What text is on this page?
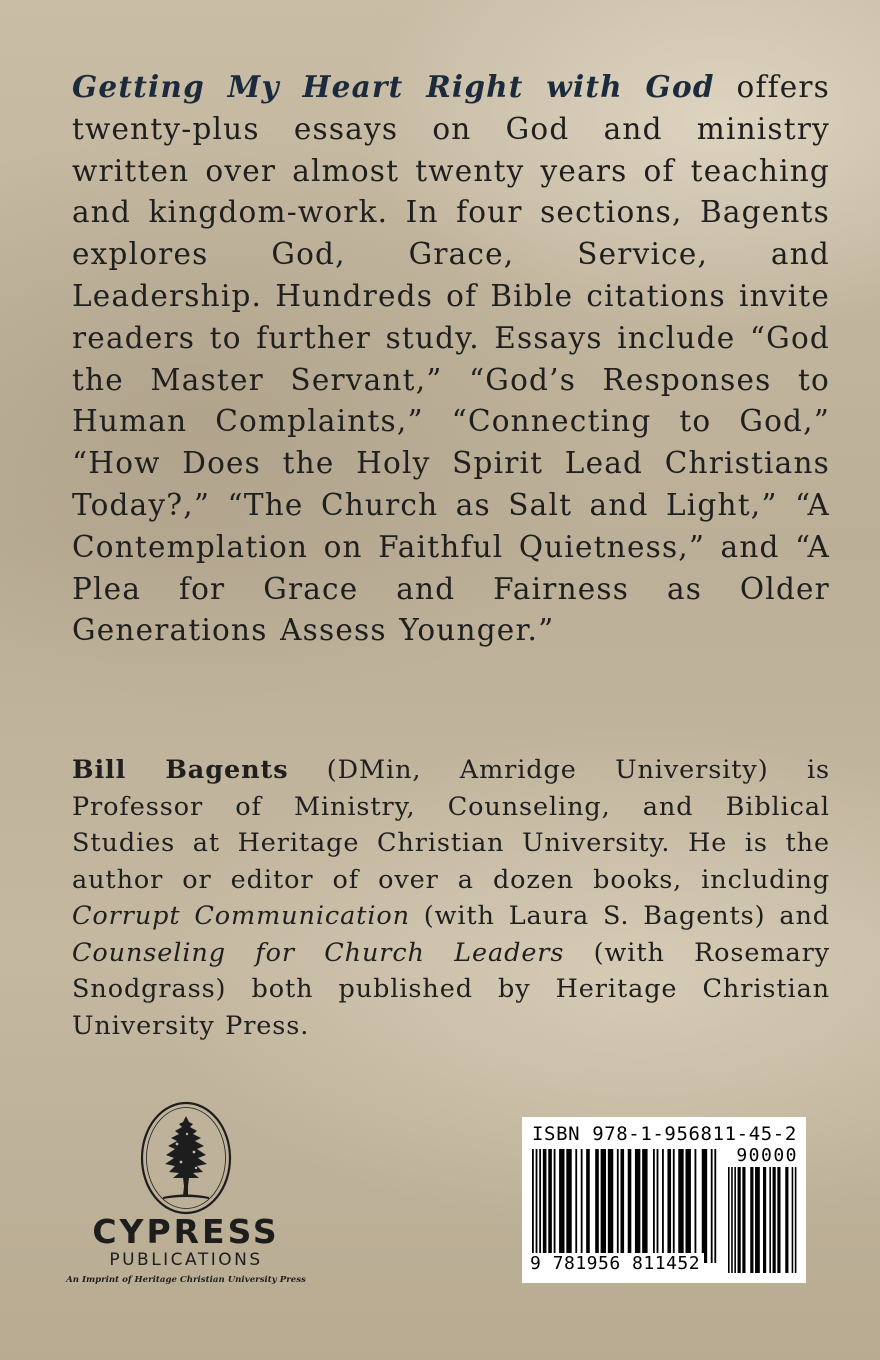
Getting My Heart Right with God offers twenty-plus essays on God and ministry written over almost twenty years of teaching and kingdom-work. In four sections, Bagents explores God, Grace, Service, and Leadership. Hundreds of Bible citations invite readers to further study. Essays include “God the Master Servant,” “God’s Responses to Human Complaints,” “Connecting to God,” “How Does the Holy Spirit Lead Christians Today?,” “The Church as Salt and Light,” “A Contemplation on Faithful Quietness,” and “A Plea for Grace and Fairness as Older Generations Assess Younger.”

Bill Bagents (DMin, Amridge University) is Professor of Ministry, Counseling, and Biblical Studies at Heritage Christian University. He is the author or editor of over a dozen books, including Corrupt Communication (with Laura S. Bagents) and Counseling for Church Leaders (with Rosemary Snodgrass) both published by Heritage Christian University Press.

CYPRESS
PUBLICATIONS
An Imprint of Heritage Christian University Press
ISBN 978-1-956811-45-2
90000
9 781956 811452
